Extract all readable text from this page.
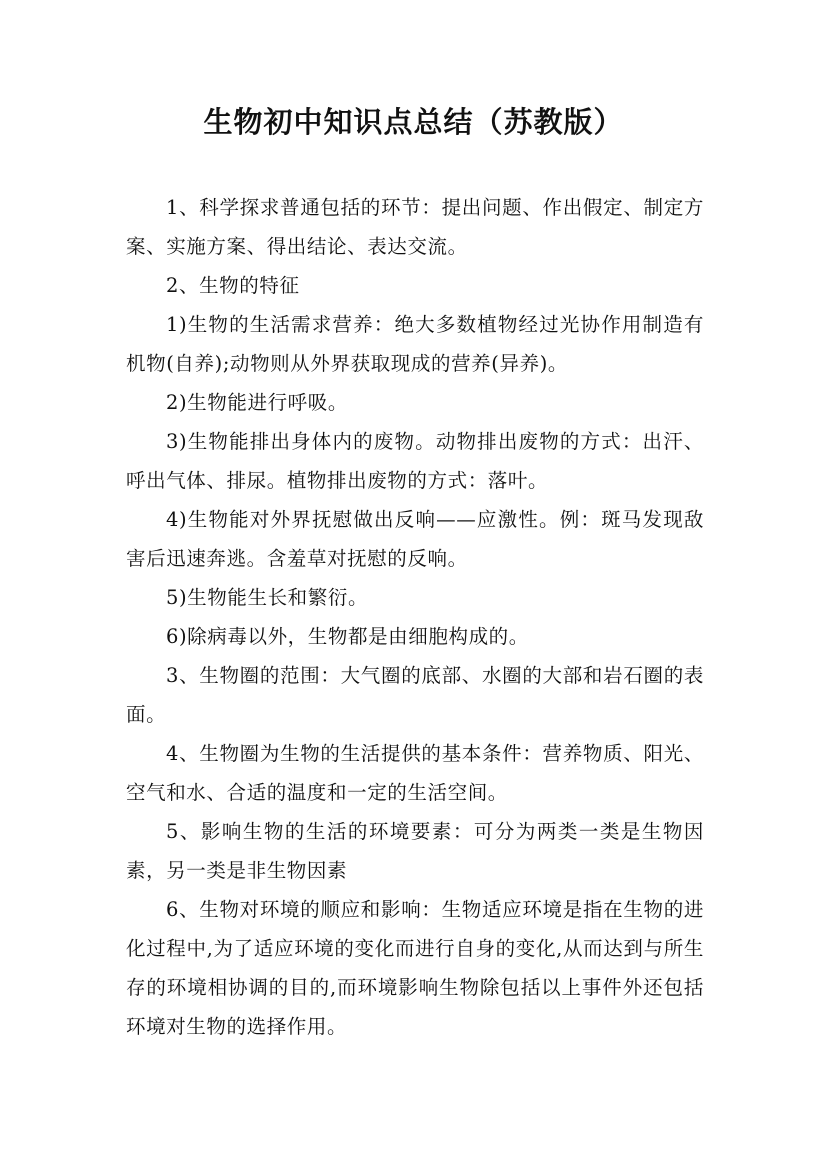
生物初中知识点总结（苏教版）

1、科学探求普通包括的环节：提出问题、作出假定、制定方案、实施方案、得出结论、表达交流。

2、生物的特征

1)生物的生活需求营养：绝大多数植物经过光协作用制造有机物(自养);动物则从外界获取现成的营养(异养)。

2)生物能进行呼吸。

3)生物能排出身体内的废物。动物排出废物的方式：出汗、呼出气体、排尿。植物排出废物的方式：落叶。

4)生物能对外界抚慰做出反响——应激性。例：斑马发现敌害后迅速奔逃。含羞草对抚慰的反响。

5)生物能生长和繁衍。

6)除病毒以外，生物都是由细胞构成的。

3、生物圈的范围：大气圈的底部、水圈的大部和岩石圈的表面。

4、生物圈为生物的生活提供的基本条件：营养物质、阳光、空气和水、合适的温度和一定的生活空间。

5、影响生物的生活的环境要素：可分为两类一类是生物因素，另一类是非生物因素

6、生物对环境的顺应和影响：生物适应环境是指在生物的进化过程中,为了适应环境的变化而进行自身的变化,从而达到与所生存的环境相协调的目的,而环境影响生物除包括以上事件外还包括环境对生物的选择作用。
